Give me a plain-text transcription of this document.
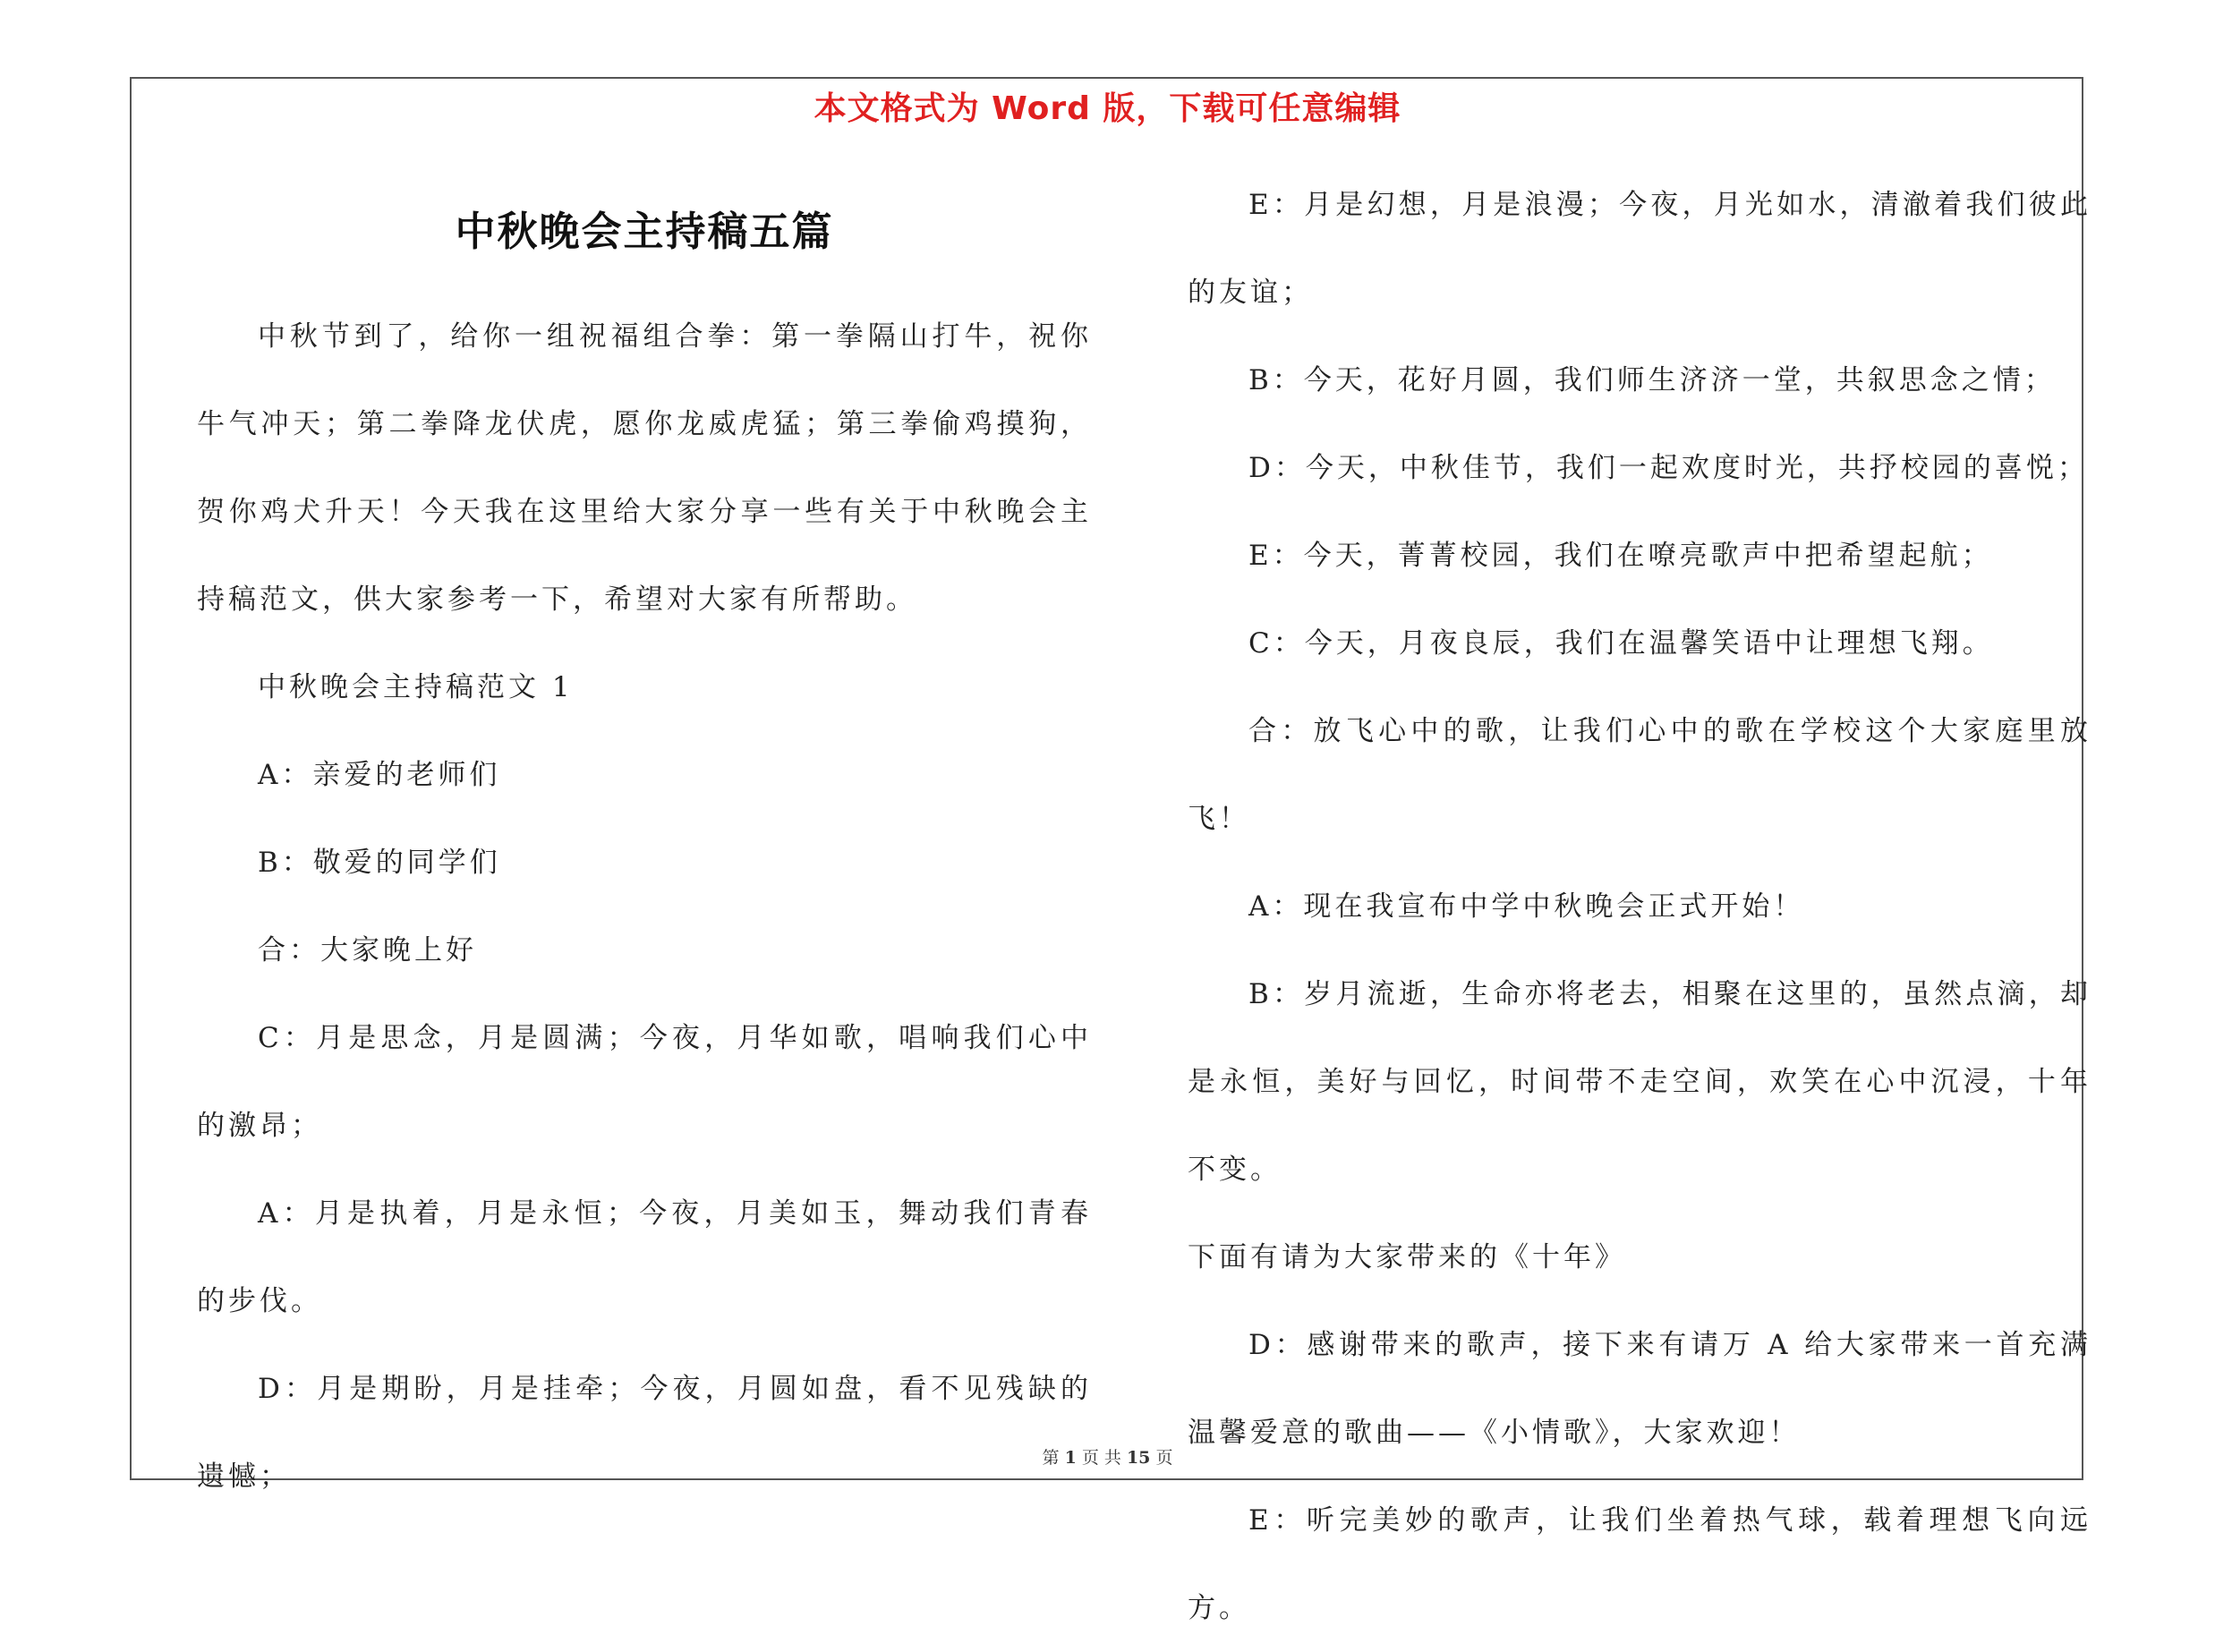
本文格式为 Word 版，下载可任意编辑
中秋晚会主持稿五篇

中秋节到了，给你一组祝福组合拳：第一拳隔山打牛，祝你牛气冲天；第二拳降龙伏虎，愿你龙威虎猛；第三拳偷鸡摸狗，贺你鸡犬升天！今天我在这里给大家分享一些有关于中秋晚会主持稿范文，供大家参考一下，希望对大家有所帮助。

中秋晚会主持稿范文 1

A：亲爱的老师们

B：敬爱的同学们

合：大家晚上好

C：月是思念，月是圆满；今夜，月华如歌，唱响我们心中的激昂；

A：月是执着，月是永恒；今夜，月美如玉，舞动我们青春的步伐。

D：月是期盼，月是挂牵；今夜，月圆如盘，看不见残缺的遗憾；

E：月是幻想，月是浪漫；今夜，月光如水，清澈着我们彼此的友谊；

B：今天，花好月圆，我们师生济济一堂，共叙思念之情；

D：今天，中秋佳节，我们一起欢度时光，共抒校园的喜悦；

E：今天，菁菁校园，我们在嘹亮歌声中把希望起航；

C：今天，月夜良辰，我们在温馨笑语中让理想飞翔。

合：放飞心中的歌，让我们心中的歌在学校这个大家庭里放飞！

A：现在我宣布中学中秋晚会正式开始！

B：岁月流逝，生命亦将老去，相聚在这里的，虽然点滴，却是永恒，美好与回忆，时间带不走空间，欢笑在心中沉浸，十年不变。

下面有请为大家带来的《十年》

D：感谢带来的歌声，接下来有请万 A 给大家带来一首充满温馨爱意的歌曲——《小情歌》，大家欢迎！

E：听完美妙的歌声，让我们坐着热气球，载着理想飞向远方。

第 1 页 共 15 页
